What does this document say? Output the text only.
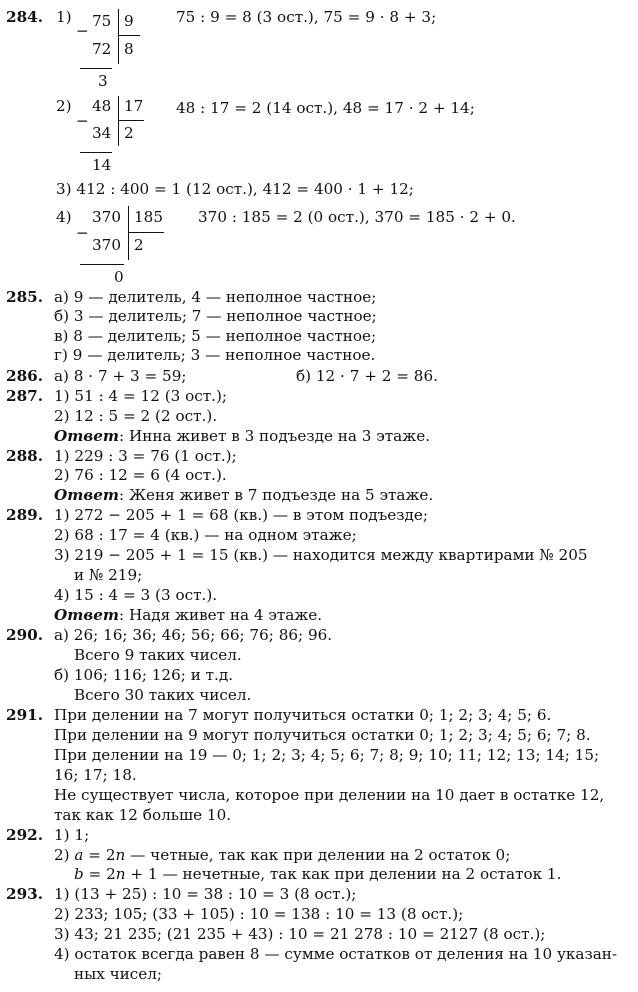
284. 1)
−
75 9
72 8
3
75 : 9 = 8 (3 ост.), 75 = 9 · 8 + 3;
2)
−
48 17
34 2
14
48 : 17 = 2 (14 ост.), 48 = 17 · 2 + 14;
3) 412 : 400 = 1 (12 ост.), 412 = 400 · 1 + 12;
4)
−
370 185
370 2
0
370 : 185 = 2 (0 ост.), 370 = 185 · 2 + 0.
285. а) 9 — делитель, 4 — неполное частное;
б) 3 — делитель; 7 — неполное частное;
в) 8 — делитель; 5 — неполное частное;
г) 9 — делитель; 3 — неполное частное.
286. а) 8 · 7 + 3 = 59;	б) 12 · 7 + 2 = 86.
287. 1) 51 : 4 = 12 (3 ост.);
2) 12 : 5 = 2 (2 ост.).
Ответ: Инна живет в 3 подъезде на 3 этаже.
288. 1) 229 : 3 = 76 (1 ост.);
2) 76 : 12 = 6 (4 ост.).
Ответ: Женя живет в 7 подъезде на 5 этаже.
289. 1) 272 − 205 + 1 = 68 (кв.) — в этом подъезде;
2) 68 : 17 = 4 (кв.) — на одном этаже;
3) 219 − 205 + 1 = 15 (кв.) — находится между квартирами № 205
и № 219;
4) 15 : 4 = 3 (3 ост.).
Ответ: Надя живет на 4 этаже.
290. а) 26; 16; 36; 46; 56; 66; 76; 86; 96.
Всего 9 таких чисел.
б) 106; 116; 126; и т.д.
Всего 30 таких чисел.
291. При делении на 7 могут получиться остатки 0; 1; 2; 3; 4; 5; 6.
При делении на 9 могут получиться остатки 0; 1; 2; 3; 4; 5; 6; 7; 8.
При делении на 19 — 0; 1; 2; 3; 4; 5; 6; 7; 8; 9; 10; 11; 12; 13; 14; 15;
16; 17; 18.
Не существует числа, которое при делении на 10 дает в остатке 12,
так как 12 больше 10.
292. 1) 1;
2) a = 2n — четные, так как при делении на 2 остаток 0;
b = 2n + 1 — нечетные, так как при делении на 2 остаток 1.
293. 1) (13 + 25) : 10 = 38 : 10 = 3 (8 ост.);
2) 233; 105; (33 + 105) : 10 = 138 : 10 = 13 (8 ост.);
3) 43; 21 235; (21 235 + 43) : 10 = 21 278 : 10 = 2127 (8 ост.);
4) остаток всегда равен 8 — сумме остатков от деления на 10 указан-
ных чисел;
